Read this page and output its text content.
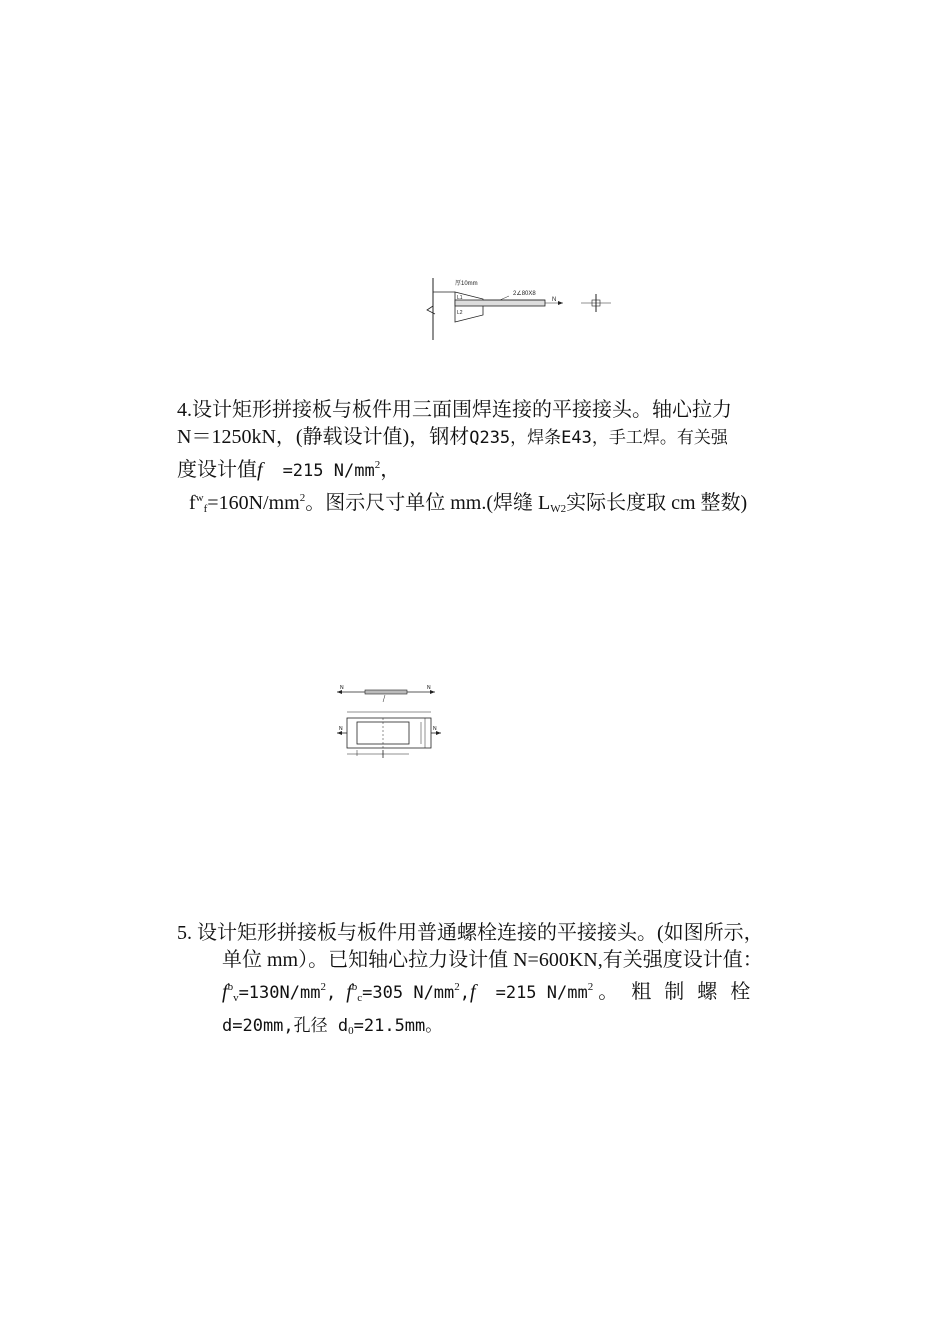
厚10mm
2∠80X8
N
L1
L2
4.设计矩形拼接板与板件用三面围焊连接的平接接头。轴心拉力
N＝1250kN，(静载设计值)，钢材Q235，焊条E43，手工焊。有关强
度设计值f =215 $N/mm^2$，
$f^w_f=160N/mm^2$。图示尺寸单位 mm.(焊缝 $L_{W2}$实际长度取 cm 整数)
N	N
N	N
5. 设计矩形拼接板与板件用普通螺栓连接的平接接头。(如图所示，
单位 mm）。已知轴心拉力设计值 N=600KN,有关强度设计值：
$f^b_v=130N/mm^2$, $f^b_c=305$ $N/mm^2,f =215$ $N/mm^2$ 。 粗 制 螺 栓
d=20mm,孔径 $d_0=21.5mm$。
